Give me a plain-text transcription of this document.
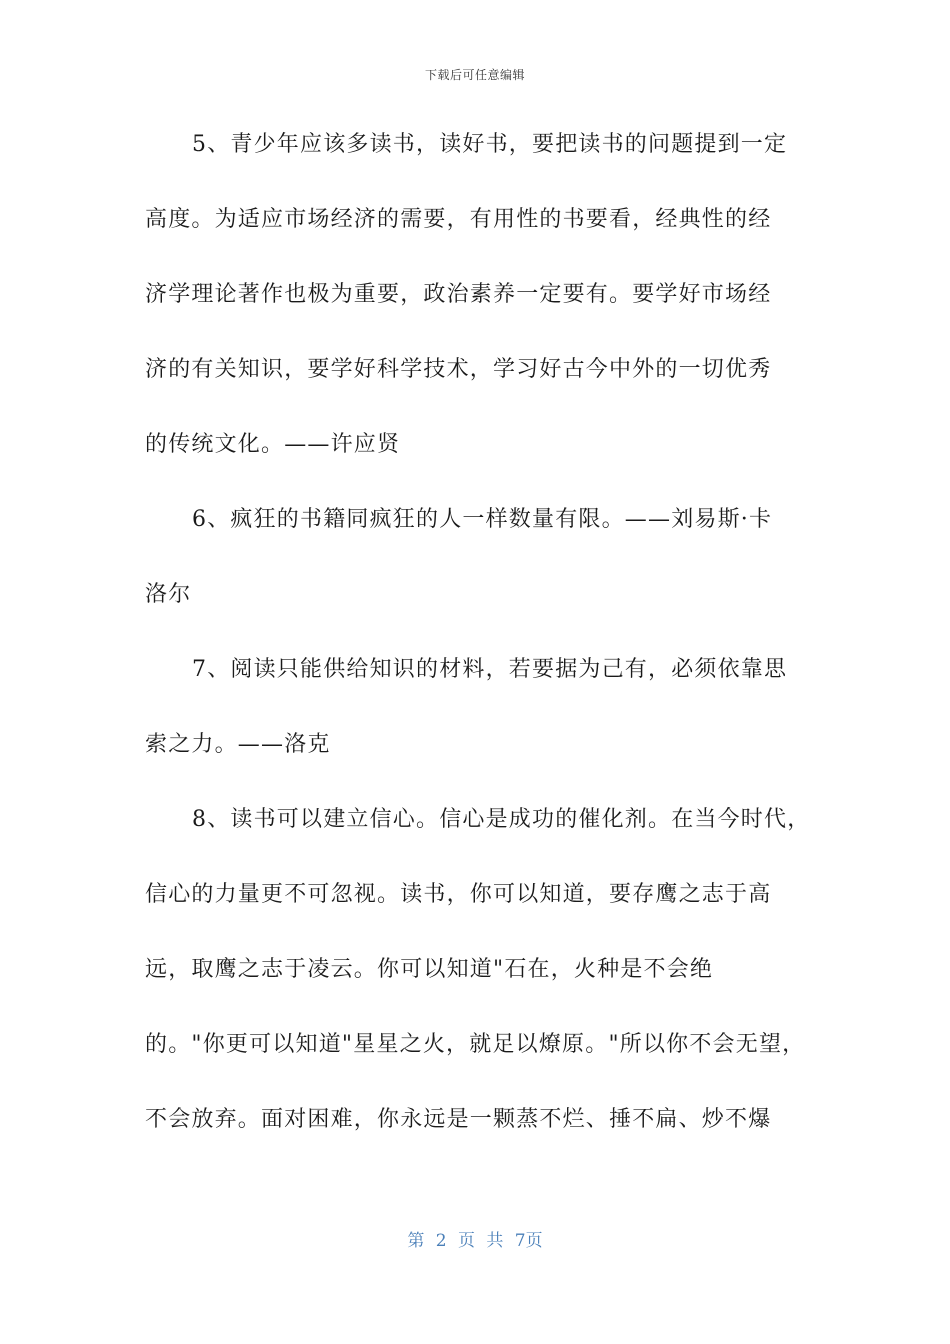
下载后可任意编辑
5、青少年应该多读书，读好书，要把读书的问题提到一定
高度。为适应市场经济的需要，有用性的书要看，经典性的经
济学理论著作也极为重要，政治素养一定要有。要学好市场经
济的有关知识，要学好科学技术，学习好古今中外的一切优秀
的传统文化。——许应贤
6、疯狂的书籍同疯狂的人一样数量有限。——刘易斯·卡
洛尔
7、阅读只能供给知识的材料，若要据为己有，必须依靠思
索之力。——洛克
8、读书可以建立信心。信心是成功的催化剂。在当今时代，
信心的力量更不可忽视。读书，你可以知道，要存鹰之志于高
远，取鹰之志于凌云。你可以知道"石在，火种是不会绝
的。"你更可以知道"星星之火，就足以燎原。"所以你不会无望，
不会放弃。面对困难，你永远是一颗蒸不烂、捶不扁、炒不爆
第 2 页 共 7页
